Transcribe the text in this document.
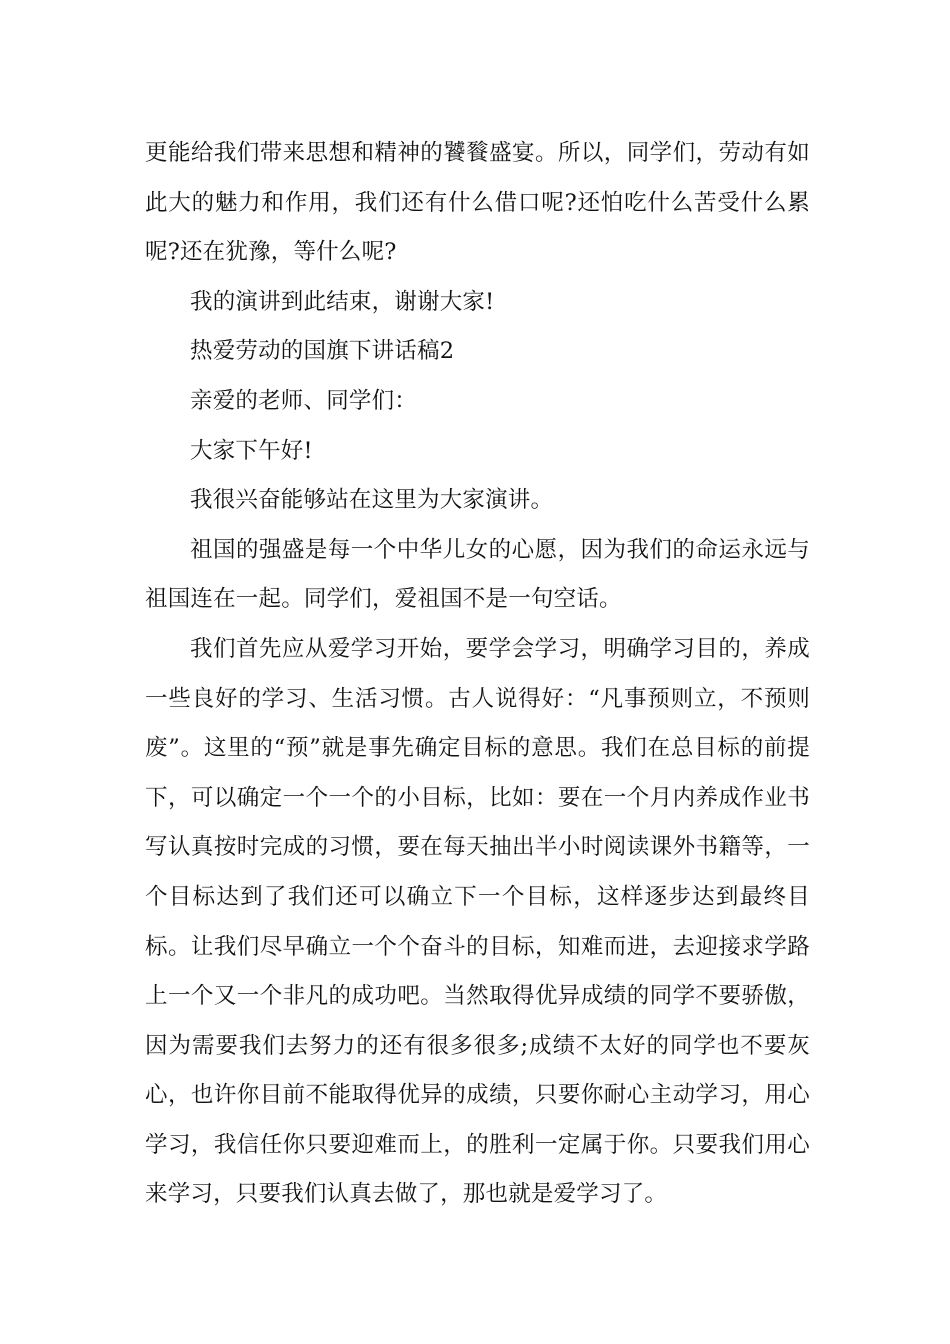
更能给我们带来思想和精神的饕餮盛宴。所以，同学们，劳动有如此大的魅力和作用，我们还有什么借口呢?还怕吃什么苦受什么累呢?还在犹豫，等什么呢?

我的演讲到此结束，谢谢大家!

热爱劳动的国旗下讲话稿2

亲爱的老师、同学们：

大家下午好!

我很兴奋能够站在这里为大家演讲。

祖国的强盛是每一个中华儿女的心愿，因为我们的命运永远与祖国连在一起。同学们，爱祖国不是一句空话。

我们首先应从爱学习开始，要学会学习，明确学习目的，养成一些良好的学习、生活习惯。古人说得好：“凡事预则立，不预则废”。这里的“预”就是事先确定目标的意思。我们在总目标的前提下，可以确定一个一个的小目标，比如：要在一个月内养成作业书写认真按时完成的习惯，要在每天抽出半小时阅读课外书籍等，一个目标达到了我们还可以确立下一个目标，这样逐步达到最终目标。让我们尽早确立一个个奋斗的目标，知难而进，去迎接求学路上一个又一个非凡的成功吧。当然取得优异成绩的同学不要骄傲，因为需要我们去努力的还有很多很多;成绩不太好的同学也不要灰心，也许你目前不能取得优异的成绩，只要你耐心主动学习，用心学习，我信任你只要迎难而上，的胜利一定属于你。只要我们用心来学习，只要我们认真去做了，那也就是爱学习了。
